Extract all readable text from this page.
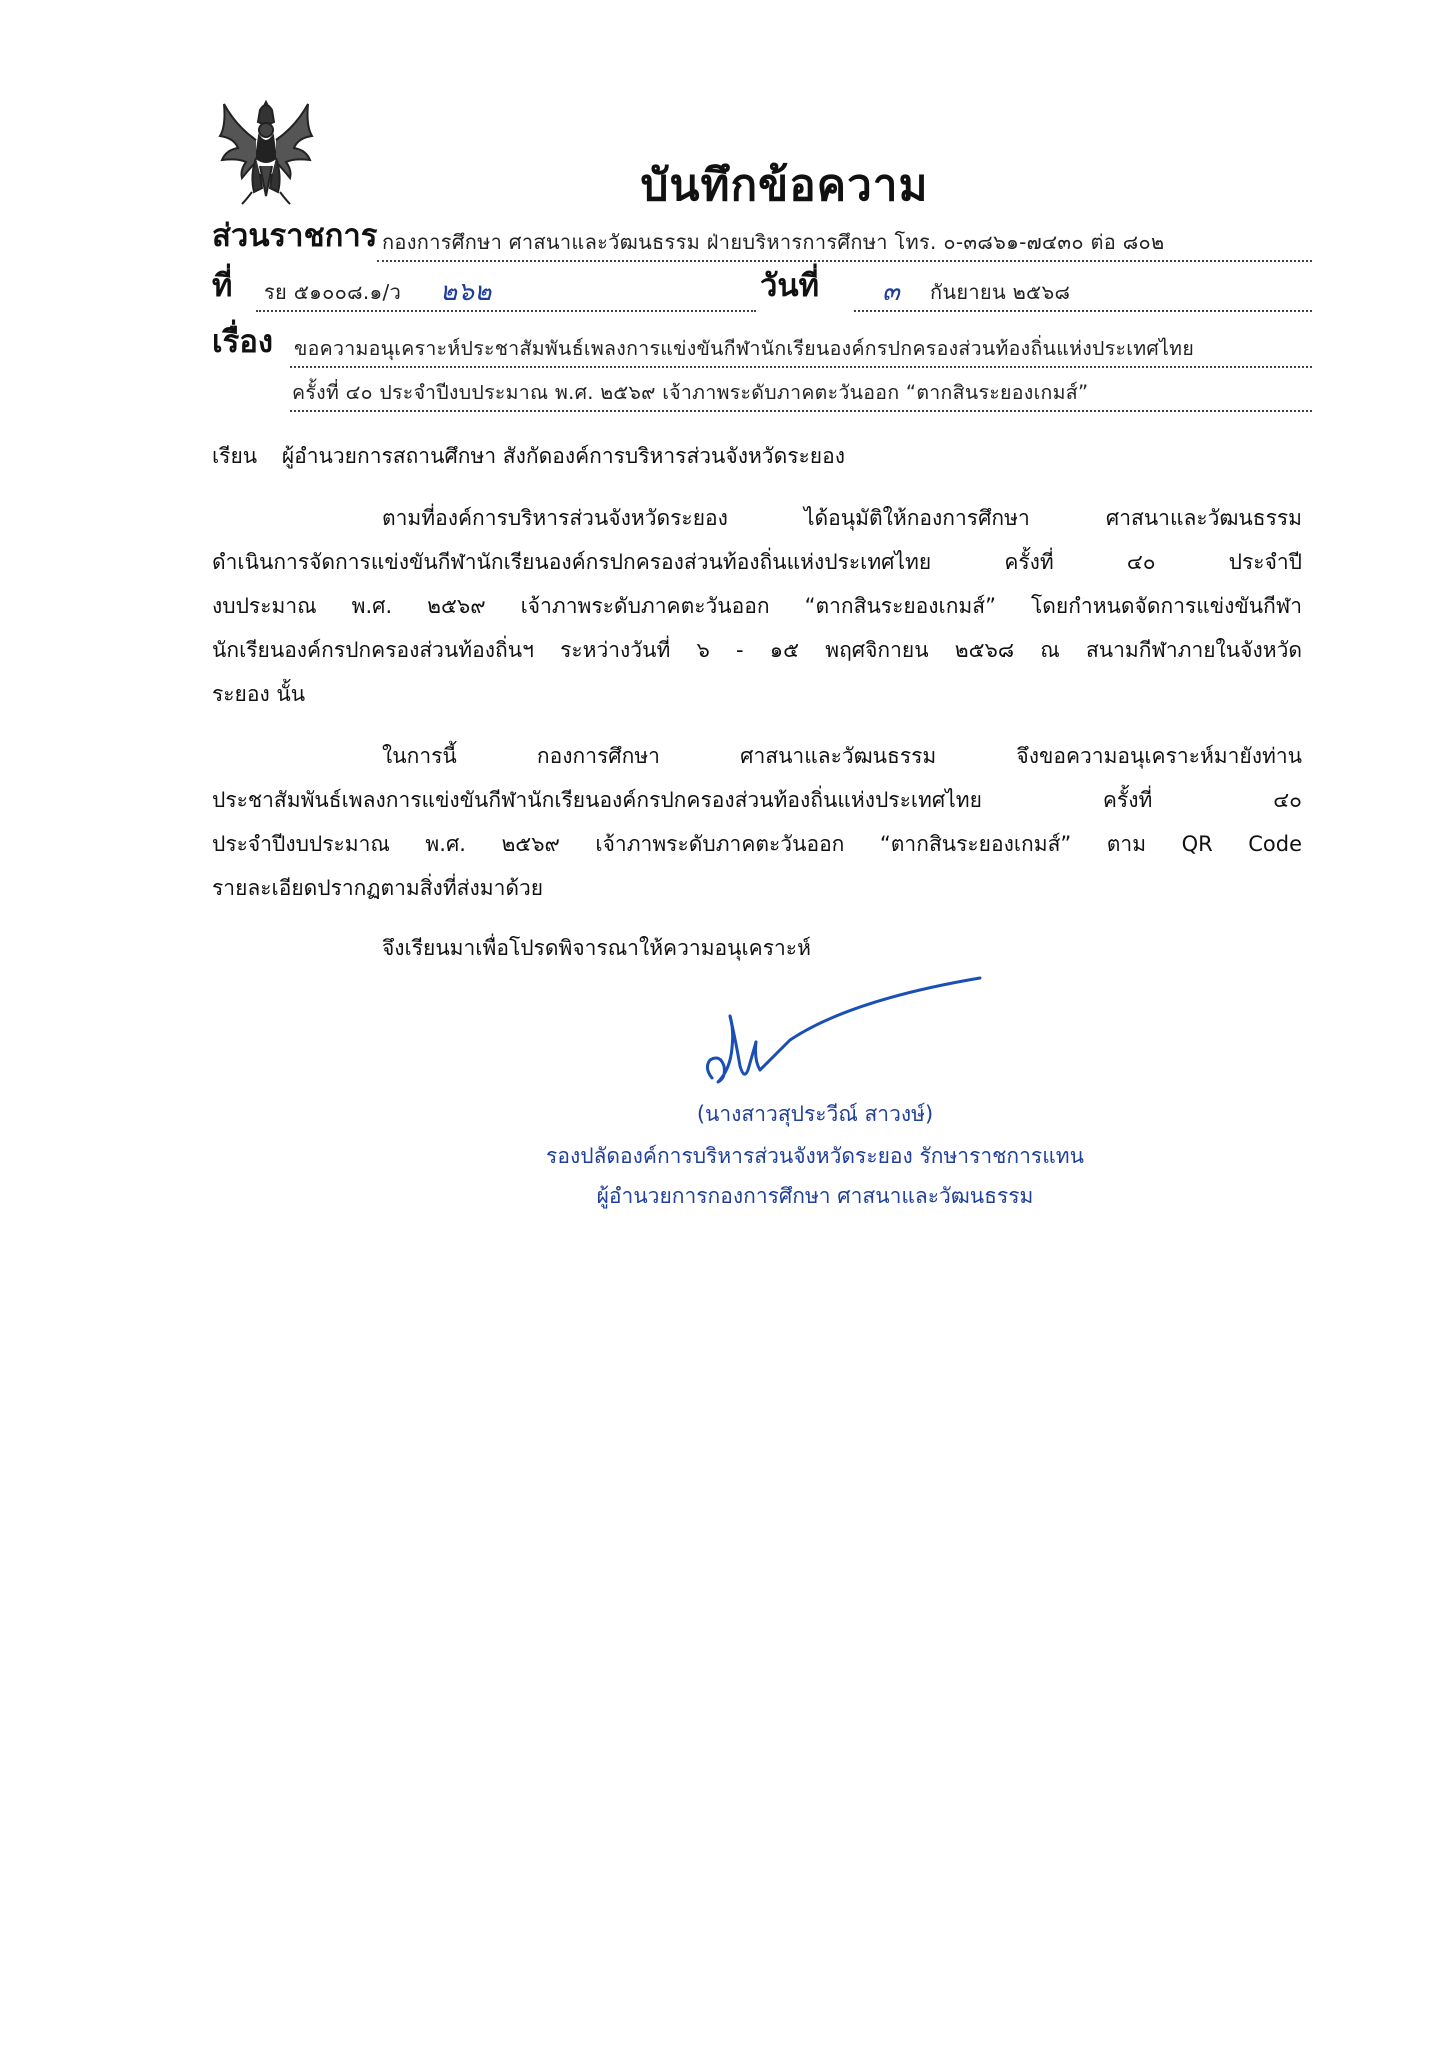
บันทึกข้อความ
ส่วนราชการ กองการศึกษา ศาสนาและวัฒนธรรม ฝ่ายบริหารการศึกษา โทร. ๐-๓๘๖๑-๗๔๓๐ ต่อ ๘๐๒
ที่ รย ๕๑๐๐๘.๑/ว ๒๖๒	วันที่ ๓ กันยายน ๒๕๖๘
เรื่อง ขอความอนุเคราะห์ประชาสัมพันธ์เพลงการแข่งขันกีฬานักเรียนองค์กรปกครองส่วนท้องถิ่นแห่งประเทศไทย
ครั้งที่ ๔๐ ประจำปีงบประมาณ พ.ศ. ๒๕๖๙ เจ้าภาพระดับภาคตะวันออก “ตากสินระยองเกมส์”
เรียน ผู้อำนวยการสถานศึกษา สังกัดองค์การบริหารส่วนจังหวัดระยอง
ตามที่องค์การบริหารส่วนจังหวัดระยอง ได้อนุมัติให้กองการศึกษา ศาสนาและวัฒนธรรม
ดำเนินการจัดการแข่งขันกีฬานักเรียนองค์กรปกครองส่วนท้องถิ่นแห่งประเทศไทย ครั้งที่ ๔๐ ประจำปี
งบประมาณ พ.ศ. ๒๕๖๙ เจ้าภาพระดับภาคตะวันออก “ตากสินระยองเกมส์” โดยกำหนดจัดการแข่งขันกีฬา
นักเรียนองค์กรปกครองส่วนท้องถิ่นฯ ระหว่างวันที่ ๖ - ๑๕ พฤศจิกายน ๒๕๖๘ ณ สนามกีฬาภายในจังหวัด
ระยอง นั้น
ในการนี้ กองการศึกษา ศาสนาและวัฒนธรรม จึงขอความอนุเคราะห์มายังท่าน
ประชาสัมพันธ์เพลงการแข่งขันกีฬานักเรียนองค์กรปกครองส่วนท้องถิ่นแห่งประเทศไทย ครั้งที่ ๔๐
ประจำปีงบประมาณ พ.ศ. ๒๕๖๙ เจ้าภาพระดับภาคตะวันออก “ตากสินระยองเกมส์” ตาม QR Code
รายละเอียดปรากฏตามสิ่งที่ส่งมาด้วย
จึงเรียนมาเพื่อโปรดพิจารณาให้ความอนุเคราะห์
(นางสาวสุประวีณ์ สาวงษ์)
รองปลัดองค์การบริหารส่วนจังหวัดระยอง รักษาราชการแทน
ผู้อำนวยการกองการศึกษา ศาสนาและวัฒนธรรม
